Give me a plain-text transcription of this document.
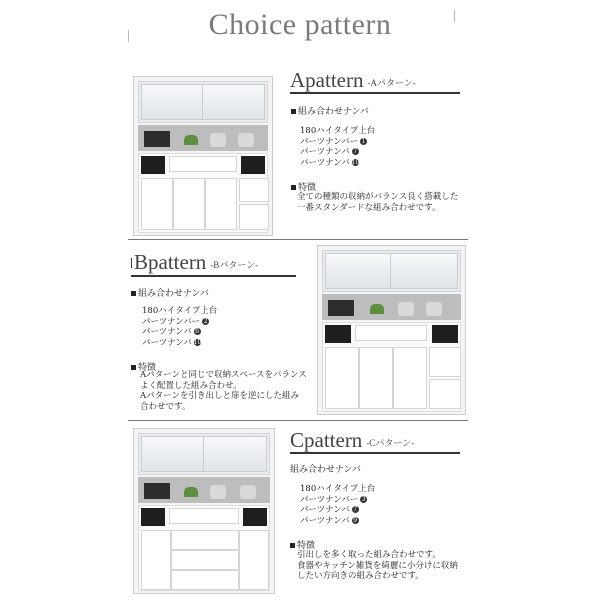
Choice pattern
Apattern -Aパターン-
組み合わせナンバ
180ハイタイプ上台
パーツナンバー 1
パーツナンバ 7
パーツナンバ 10
特徴
全ての種類の収納がバランス良く搭載した
一番スタンダードな組み合わせです。
Bpattern -Bパターン-
組み合わせナンバ
180ハイタイプ上台
パーツナンバー 2
パーツナンバ 6
パーツナンバ 10
特徴
Aパターンと同じで収納スペースをバランス
よく配置した組み合わせ。
Aパターンを引き出しと扉を逆にした組み
合わせです。
Cpattern -Cパターン-
組み合わせナンバ
180ハイタイプ上台
パーツナンバー 3
パーツナンバ 7
パーツナンバ 9
特徴
引出しを多く取った組み合わせです。
食器やキッチン雑貨を綺麗に小分けに収納
したい方向きの組み合わせです。
